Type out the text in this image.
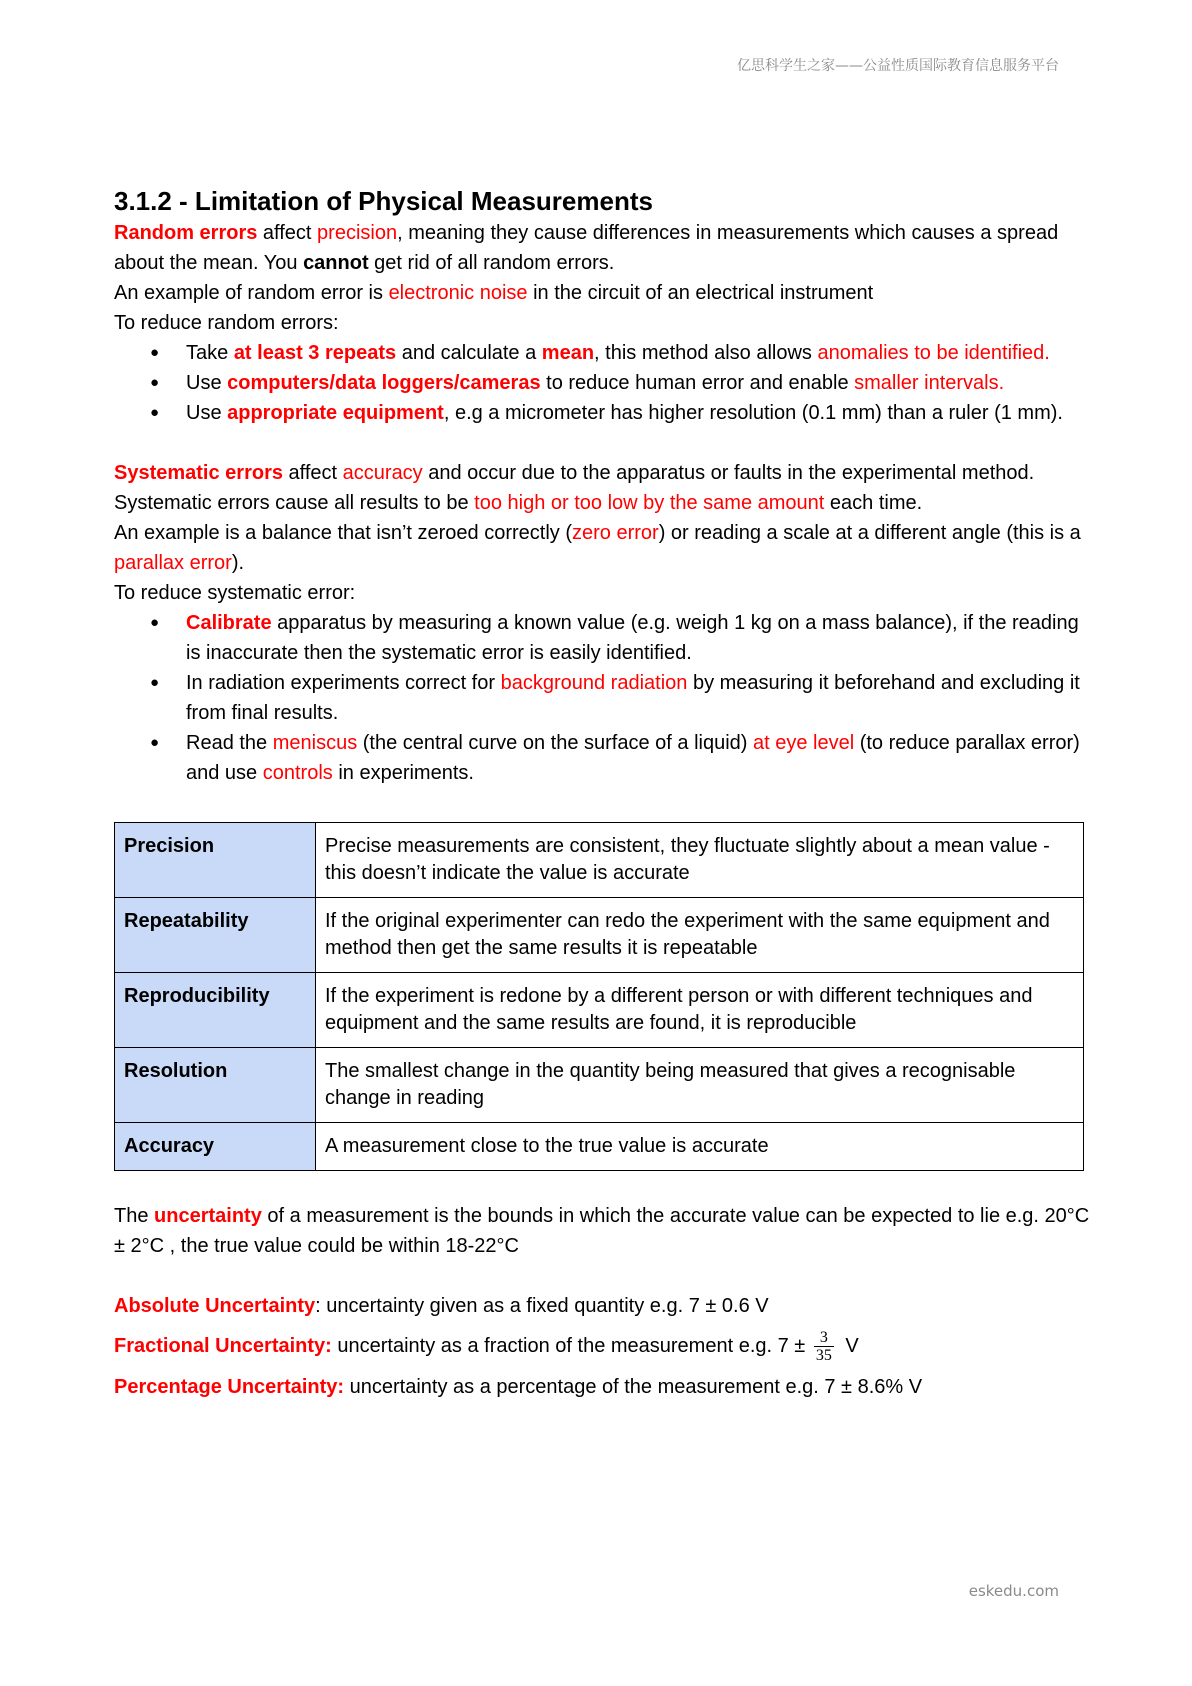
亿思科学生之家——公益性质国际教育信息服务平台
3.1.2 - Limitation of Physical Measurements

Random errors affect precision, meaning they cause differences in measurements which causes a spread about the mean. You cannot get rid of all random errors.

An example of random error is electronic noise in the circuit of an electrical instrument

To reduce random errors:

● Take at least 3 repeats and calculate a mean, this method also allows anomalies to be identified.
● Use computers/data loggers/cameras to reduce human error and enable smaller intervals.
● Use appropriate equipment, e.g a micrometer has higher resolution (0.1 mm) than a ruler (1 mm).

Systematic errors affect accuracy and occur due to the apparatus or faults in the experimental method. Systematic errors cause all results to be too high or too low by the same amount each time.

An example is a balance that isn’t zeroed correctly (zero error) or reading a scale at a different angle (this is a parallax error).

To reduce systematic error:

● Calibrate apparatus by measuring a known value (e.g. weigh 1 kg on a mass balance), if the reading is inaccurate then the systematic error is easily identified.
● In radiation experiments correct for background radiation by measuring it beforehand and excluding it from final results.
● Read the meniscus (the central curve on the surface of a liquid) at eye level (to reduce parallax error) and use controls in experiments.
Precision	Precise measurements are consistent, they fluctuate slightly about a mean value - this doesn’t indicate the value is accurate
Repeatability	If the original experimenter can redo the experiment with the same equipment and method then get the same results it is repeatable
Reproducibility	If the experiment is redone by a different person or with different techniques and equipment and the same results are found, it is reproducible
Resolution	The smallest change in the quantity being measured that gives a recognisable change in reading
Accuracy	A measurement close to the true value is accurate

The uncertainty of a measurement is the bounds in which the accurate value can be expected to lie e.g. 20°C ± 2°C , the true value could be within 18-22°C

Absolute Uncertainty: uncertainty given as a fixed quantity e.g. 7 ± 0.6 V

Fractional Uncertainty: uncertainty as a fraction of the measurement e.g. $7 \pm \frac{3}{35}$ V

Percentage Uncertainty: uncertainty as a percentage of the measurement e.g. 7 ± 8.6% V

eskedu.com
